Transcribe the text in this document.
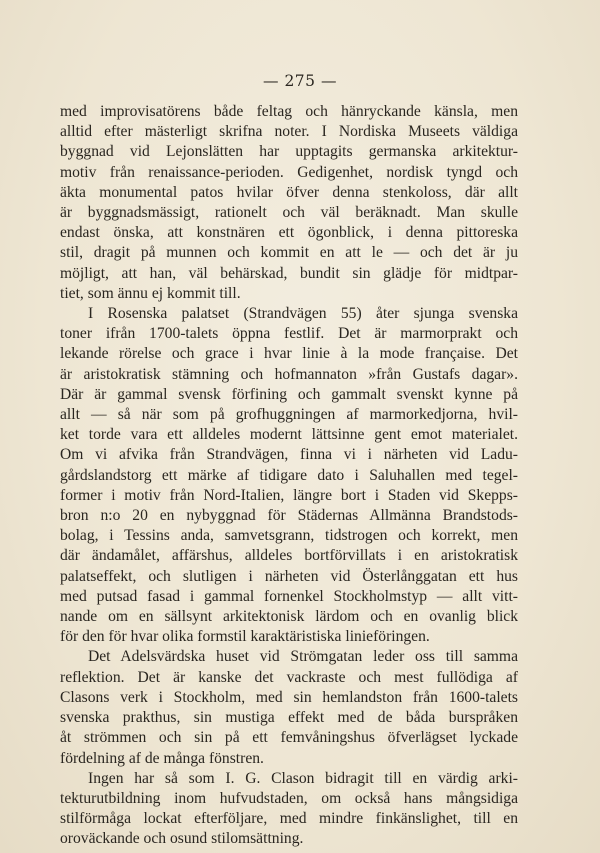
— 275 —
med improvisatörens både feltag och hänryckande känsla, men
alltid efter mästerligt skrifna noter. I Nordiska Museets väldiga
byggnad vid Lejonslätten har upptagits germanska arkitektur-
motiv från renaissance-perioden. Gedigenhet, nordisk tyngd och
äkta monumental patos hvilar öfver denna stenkoloss, där allt
är byggnadsmässigt, rationelt och väl beräknadt. Man skulle
endast önska, att konstnären ett ögonblick, i denna pittoreska
stil, dragit på munnen och kommit en att le — och det är ju
möjligt, att han, väl behärskad, bundit sin glädje för midtpar-
tiet, som ännu ej kommit till.
I Rosenska palatset (Strandvägen 55) åter sjunga svenska
toner ifrån 1700-talets öppna festlif. Det är marmorprakt och
lekande rörelse och grace i hvar linie à la mode française. Det
är aristokratisk stämning och hofmannaton »från Gustafs dagar».
Där är gammal svensk förfining och gammalt svenskt kynne på
allt — så när som på grofhuggningen af marmorkedjorna, hvil-
ket torde vara ett alldeles modernt lättsinne gent emot materialet.
Om vi afvika från Strandvägen, finna vi i närheten vid Ladu-
gårdslandstorg ett märke af tidigare dato i Saluhallen med tegel-
former i motiv från Nord-Italien, längre bort i Staden vid Skepps-
bron n:o 20 en nybyggnad för Städernas Allmänna Brandstods-
bolag, i Tessins anda, samvetsgrann, tidstrogen och korrekt, men
där ändamålet, affärshus, alldeles bortförvillats i en aristokratisk
palatseffekt, och slutligen i närheten vid Österlånggatan ett hus
med putsad fasad i gammal fornenkel Stockholmstyp — allt vitt-
nande om en sällsynt arkitektonisk lärdom och en ovanlig blick
för den för hvar olika formstil karaktäristiska linieföringen.
Det Adelsvärdska huset vid Strömgatan leder oss till samma
reflektion. Det är kanske det vackraste och mest fullödiga af
Clasons verk i Stockholm, med sin hemlandston från 1600-talets
svenska prakthus, sin mustiga effekt med de båda burspråken
åt strömmen och sin på ett femvåningshus öfverlägset lyckade
fördelning af de många fönstren.
Ingen har så som I. G. Clason bidragit till en värdig arki-
tekturutbildning inom hufvudstaden, om också hans mångsidiga
stilförmåga lockat efterföljare, med mindre finkänslighet, till en
oroväckande och osund stilomsättning.
